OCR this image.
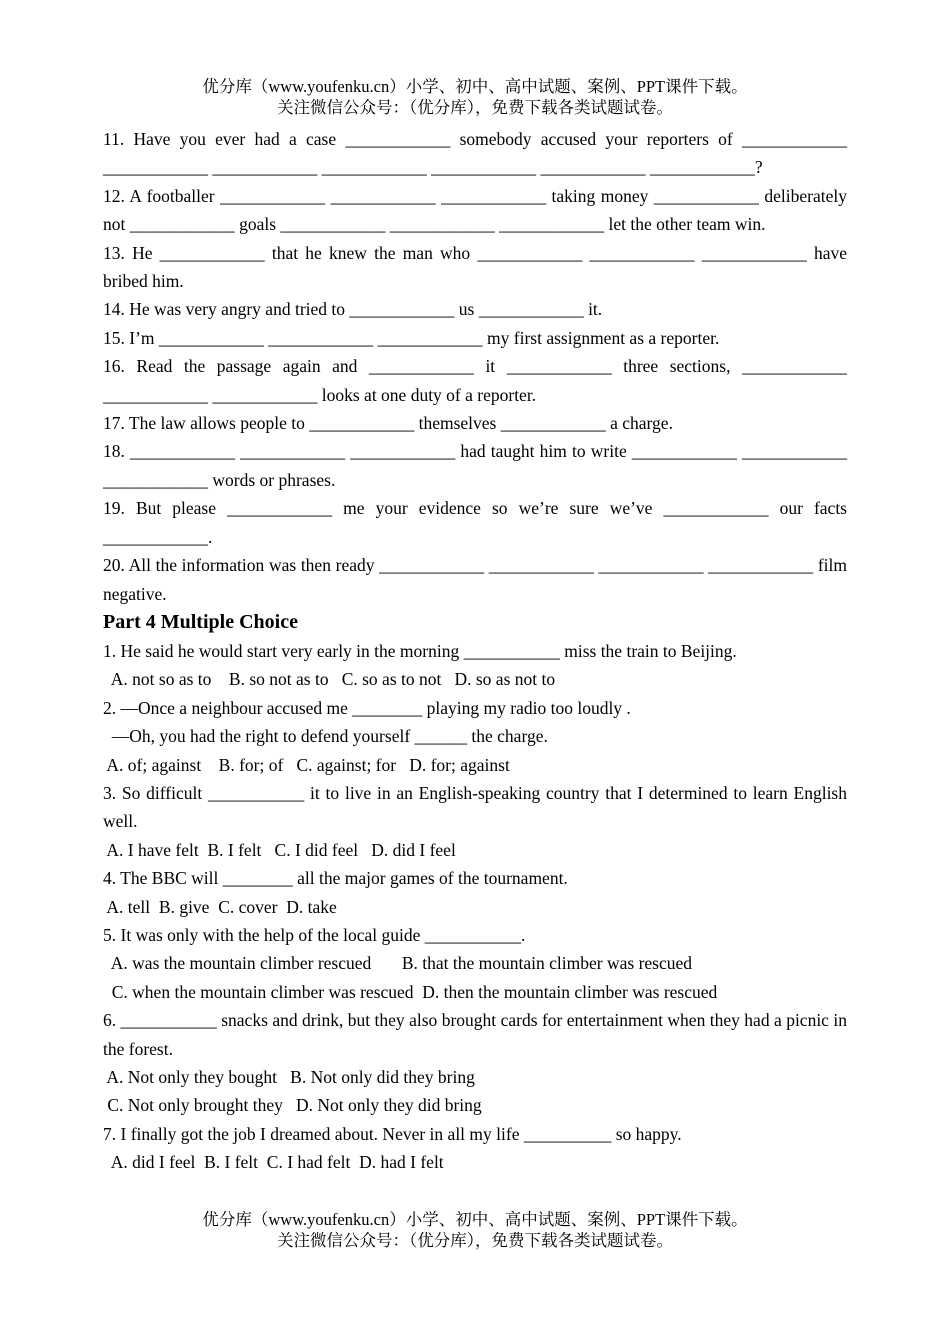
优分库（www.youfenku.cn）小学、初中、高中试题、案例、PPT课件下载。
关注微信公众号：（优分库），免费下载各类试题试卷。

11. Have you ever had a case ____________ somebody accused your reporters of ____________

____________ ____________ ____________ ____________ ____________ ____________?

12. A footballer ____________ ____________ ____________ taking money ____________ deliberately not ____________ goals ____________ ____________ ____________ let the other team win.

13. He ____________ that he knew the man who ____________ ____________ ____________ have bribed him.

14. He was very angry and tried to ____________ us ____________ it.

15. I’m ____________ ____________ ____________ my first assignment as a reporter.

16. Read the passage again and ____________ it ____________ three sections, ____________ ____________ ____________ looks at one duty of a reporter.

17. The law allows people to ____________ themselves ____________ a charge.

18. ____________ ____________ ____________ had taught him to write ____________ ____________ ____________ words or phrases.

19. But please ____________ me your evidence so we’re sure we’ve ____________ our facts ____________.

20. All the information was then ready ____________ ____________ ____________ ____________ film negative.

Part 4 Multiple Choice

1. He said he would start very early in the morning ___________ miss the train to Beijing.

A. not so as to    B. so not as to   C. so as to not   D. so as not to

2. —Once a neighbour accused me ________ playing my radio too loudly .

—Oh, you had the right to defend yourself ______ the charge.

A. of; against    B. for; of   C. against; for   D. for; against

3. So difficult ___________ it to live in an English-speaking country that I determined to learn English well.

A. I have felt  B. I felt   C. I did feel   D. did I feel

4. The BBC will ________ all the major games of the tournament.

A. tell  B. give  C. cover  D. take

5. It was only with the help of the local guide ___________.

A. was the mountain climber rescued       B. that the mountain climber was rescued

C. when the mountain climber was rescued  D. then the mountain climber was rescued

6. ___________ snacks and drink, but they also brought cards for entertainment when they had a picnic in the forest.

A. Not only they bought   B. Not only did they bring

C. Not only brought they   D. Not only they did bring

7. I finally got the job I dreamed about. Never in all my life __________ so happy.

A. did I feel  B. I felt  C. I had felt  D. had I felt

优分库（www.youfenku.cn）小学、初中、高中试题、案例、PPT课件下载。
关注微信公众号：（优分库），免费下载各类试题试卷。
